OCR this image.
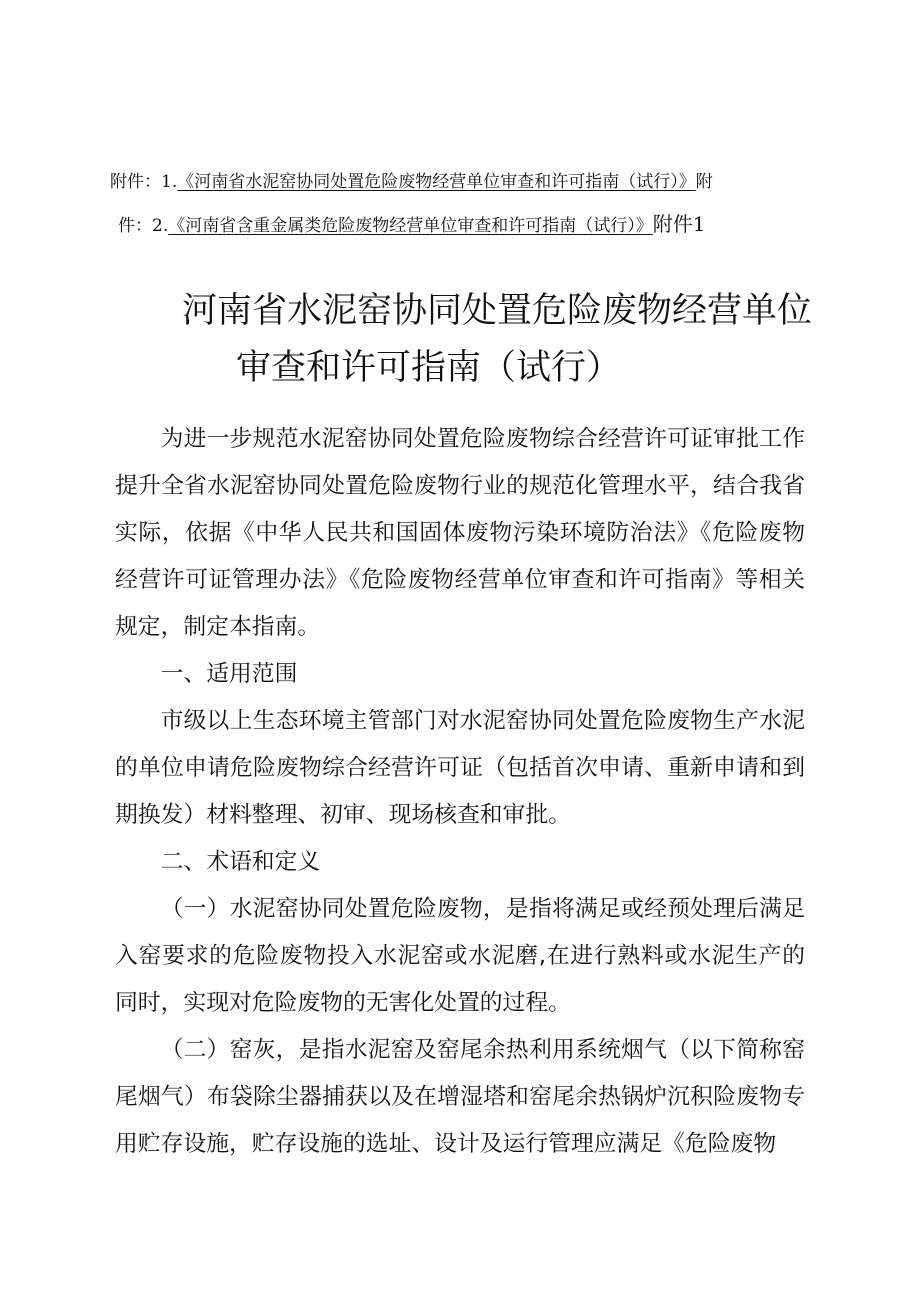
附件：1.《河南省水泥窑协同处置危险废物经营单位审查和许可指南（试行）》附
件：2.《河南省含重金属类危险废物经营单位审查和许可指南（试行）》附件1
河南省水泥窑协同处置危险废物经营单位
审查和许可指南（试行）

为进一步规范水泥窑协同处置危险废物综合经营许可证审批工作提升全省水泥窑协同处置危险废物行业的规范化管理水平，结合我省实际，依据《中华人民共和国固体废物污染环境防治法》《危险废物经营许可证管理办法》《危险废物经营单位审查和许可指南》等相关规定，制定本指南。

一、适用范围

市级以上生态环境主管部门对水泥窑协同处置危险废物生产水泥的单位申请危险废物综合经营许可证（包括首次申请、重新申请和到期换发）材料整理、初审、现场核查和审批。

二、术语和定义

（一）水泥窑协同处置危险废物，是指将满足或经预处理后满足入窑要求的危险废物投入水泥窑或水泥磨,在进行熟料或水泥生产的同时，实现对危险废物的无害化处置的过程。

（二）窑灰，是指水泥窑及窑尾余热利用系统烟气（以下简称窑尾烟气）布袋除尘器捕获以及在增湿塔和窑尾余热锅炉沉积险废物专用贮存设施，贮存设施的选址、设计及运行管理应满足《危险废物
